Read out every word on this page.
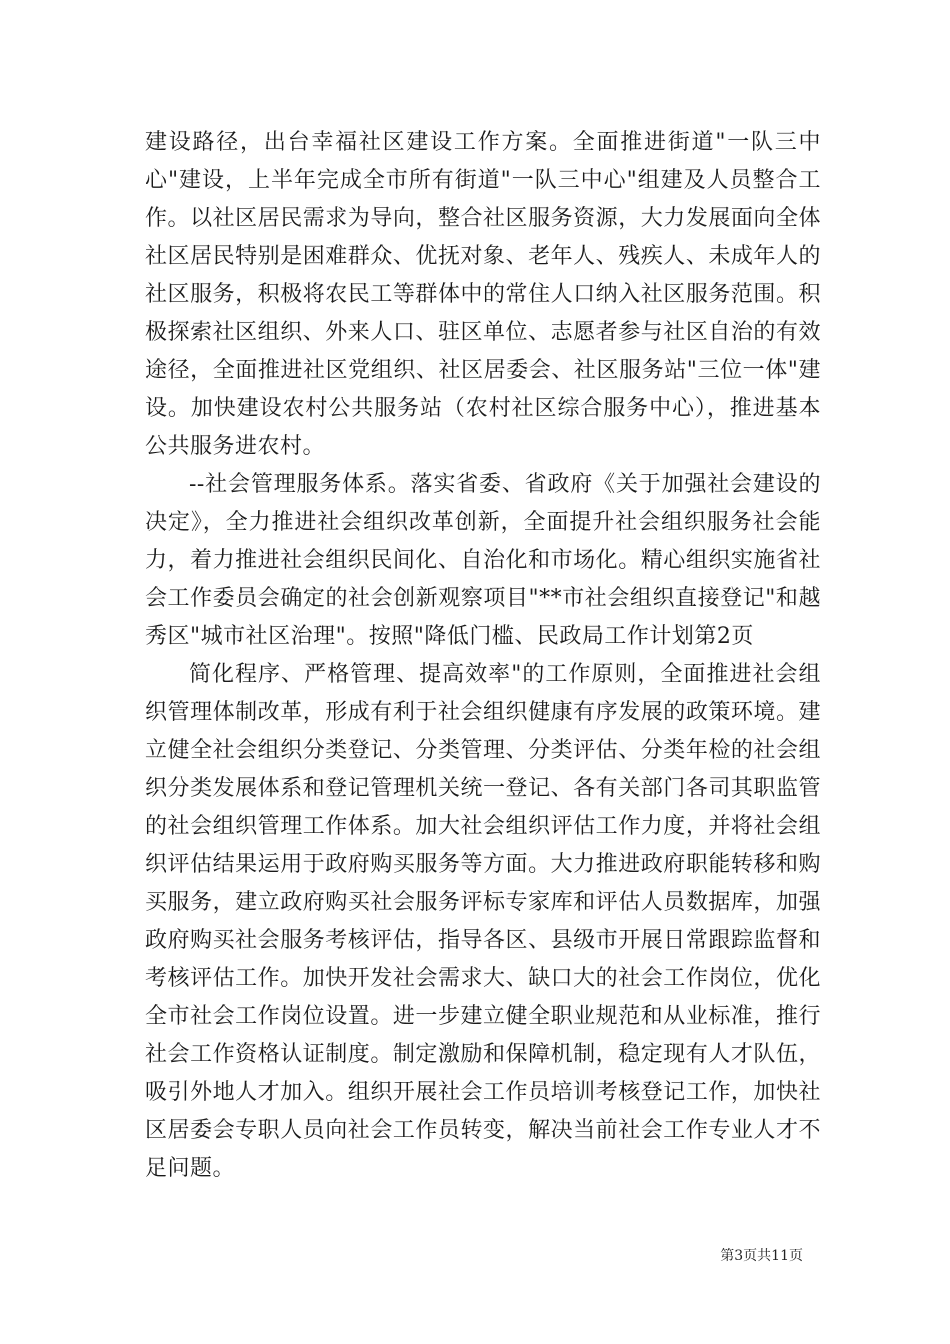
建设路径，出台幸福社区建设工作方案。全面推进街道"一队三中心"建设，上半年完成全市所有街道"一队三中心"组建及人员整合工作。以社区居民需求为导向，整合社区服务资源，大力发展面向全体社区居民特别是困难群众、优抚对象、老年人、残疾人、未成年人的社区服务，积极将农民工等群体中的常住人口纳入社区服务范围。积极探索社区组织、外来人口、驻区单位、志愿者参与社区自治的有效途径，全面推进社区党组织、社区居委会、社区服务站"三位一体"建设。加快建设农村公共服务站（农村社区综合服务中心），推进基本公共服务进农村。

--社会管理服务体系。落实省委、省政府《关于加强社会建设的决定》，全力推进社会组织改革创新，全面提升社会组织服务社会能力，着力推进社会组织民间化、自治化和市场化。精心组织实施省社会工作委员会确定的社会创新观察项目"**市社会组织直接登记"和越秀区"城市社区治理"。按照"降低门槛、民政局工作计划第2页

简化程序、严格管理、提高效率"的工作原则，全面推进社会组织管理体制改革，形成有利于社会组织健康有序发展的政策环境。建立健全社会组织分类登记、分类管理、分类评估、分类年检的社会组织分类发展体系和登记管理机关统一登记、各有关部门各司其职监管的社会组织管理工作体系。加大社会组织评估工作力度，并将社会组织评估结果运用于政府购买服务等方面。大力推进政府职能转移和购买服务，建立政府购买社会服务评标专家库和评估人员数据库，加强政府购买社会服务考核评估，指导各区、县级市开展日常跟踪监督和考核评估工作。加快开发社会需求大、缺口大的社会工作岗位，优化全市社会工作岗位设置。进一步建立健全职业规范和从业标准，推行社会工作资格认证制度。制定激励和保障机制，稳定现有人才队伍，吸引外地人才加入。组织开展社会工作员培训考核登记工作，加快社区居委会专职人员向社会工作员转变，解决当前社会工作专业人才不足问题。

第3页共11页
